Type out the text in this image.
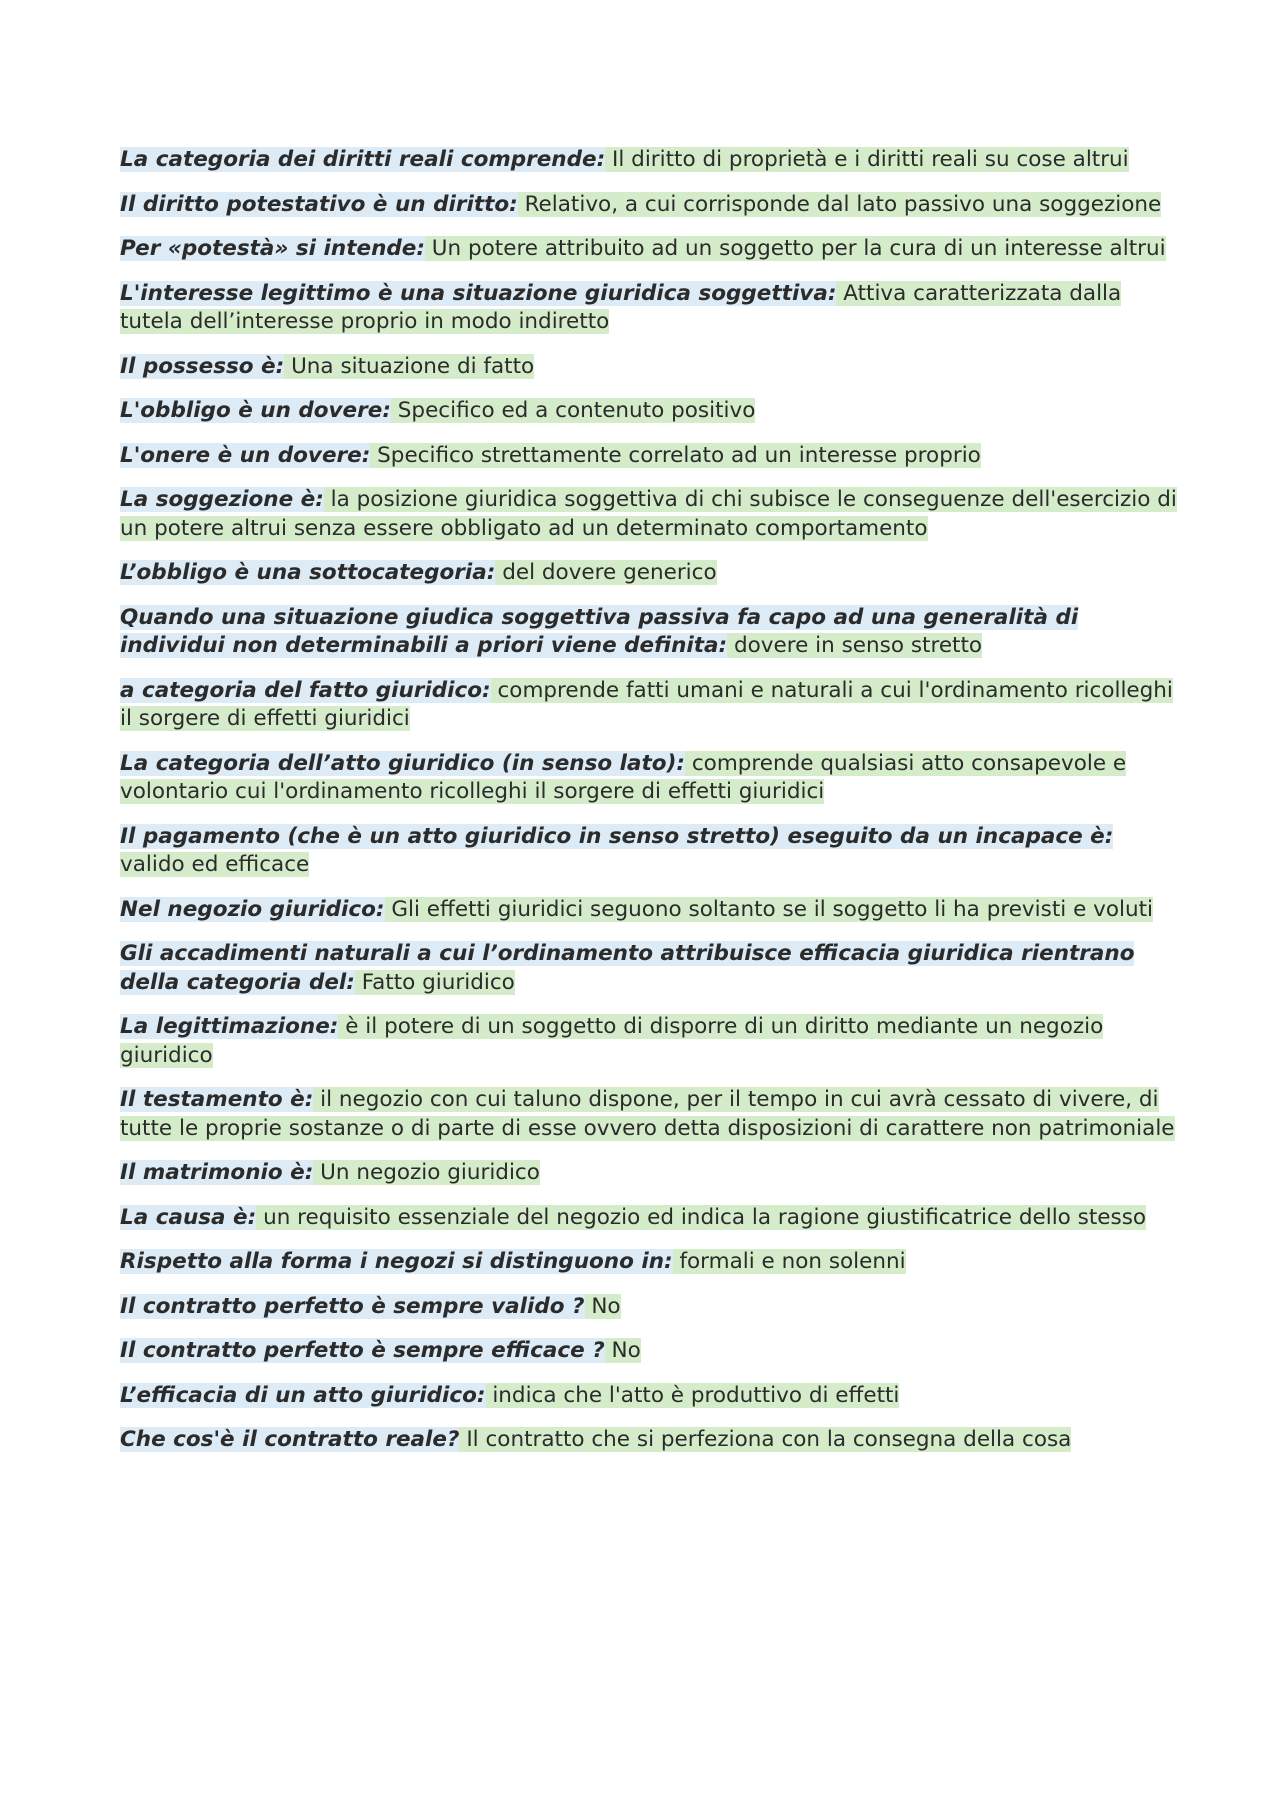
La categoria dei diritti reali comprende: Il diritto di proprietà e i diritti reali su cose altrui

Il diritto potestativo è un diritto: Relativo, a cui corrisponde dal lato passivo una soggezione

Per «potestà» si intende: Un potere attribuito ad un soggetto per la cura di un interesse altrui

L'interesse legittimo è una situazione giuridica soggettiva: Attiva caratterizzata dalla tutela dell’interesse proprio in modo indiretto

Il possesso è: Una situazione di fatto

L'obbligo è un dovere: Specifico ed a contenuto positivo

L'onere è un dovere: Specifico strettamente correlato ad un interesse proprio

La soggezione è: la posizione giuridica soggettiva di chi subisce le conseguenze dell'esercizio di un potere altrui senza essere obbligato ad un determinato comportamento

L’obbligo è una sottocategoria: del dovere generico

Quando una situazione giudica soggettiva passiva fa capo ad una generalità di individui non determinabili a priori viene definita: dovere in senso stretto

a categoria del fatto giuridico: comprende fatti umani e naturali a cui l'ordinamento ricolleghi il sorgere di effetti giuridici

La categoria dell’atto giuridico (in senso lato): comprende qualsiasi atto consapevole e volontario cui l'ordinamento ricolleghi il sorgere di effetti giuridici

Il pagamento (che è un atto giuridico in senso stretto) eseguito da un incapace è: valido ed efficace

Nel negozio giuridico: Gli effetti giuridici seguono soltanto se il soggetto li ha previsti e voluti

Gli accadimenti naturali a cui l’ordinamento attribuisce efficacia giuridica rientrano della categoria del: Fatto giuridico

La legittimazione: è il potere di un soggetto di disporre di un diritto mediante un negozio giuridico

Il testamento è: il negozio con cui taluno dispone, per il tempo in cui avrà cessato di vivere, di tutte le proprie sostanze o di parte di esse ovvero detta disposizioni di carattere non patrimoniale

Il matrimonio è: Un negozio giuridico

La causa è: un requisito essenziale del negozio ed indica la ragione giustificatrice dello stesso

Rispetto alla forma i negozi si distinguono in: formali e non solenni

Il contratto perfetto è sempre valido ? No

Il contratto perfetto è sempre efficace ? No

L’efficacia di un atto giuridico: indica che l'atto è produttivo di effetti

Che cos'è il contratto reale? Il contratto che si perfeziona con la consegna della cosa
